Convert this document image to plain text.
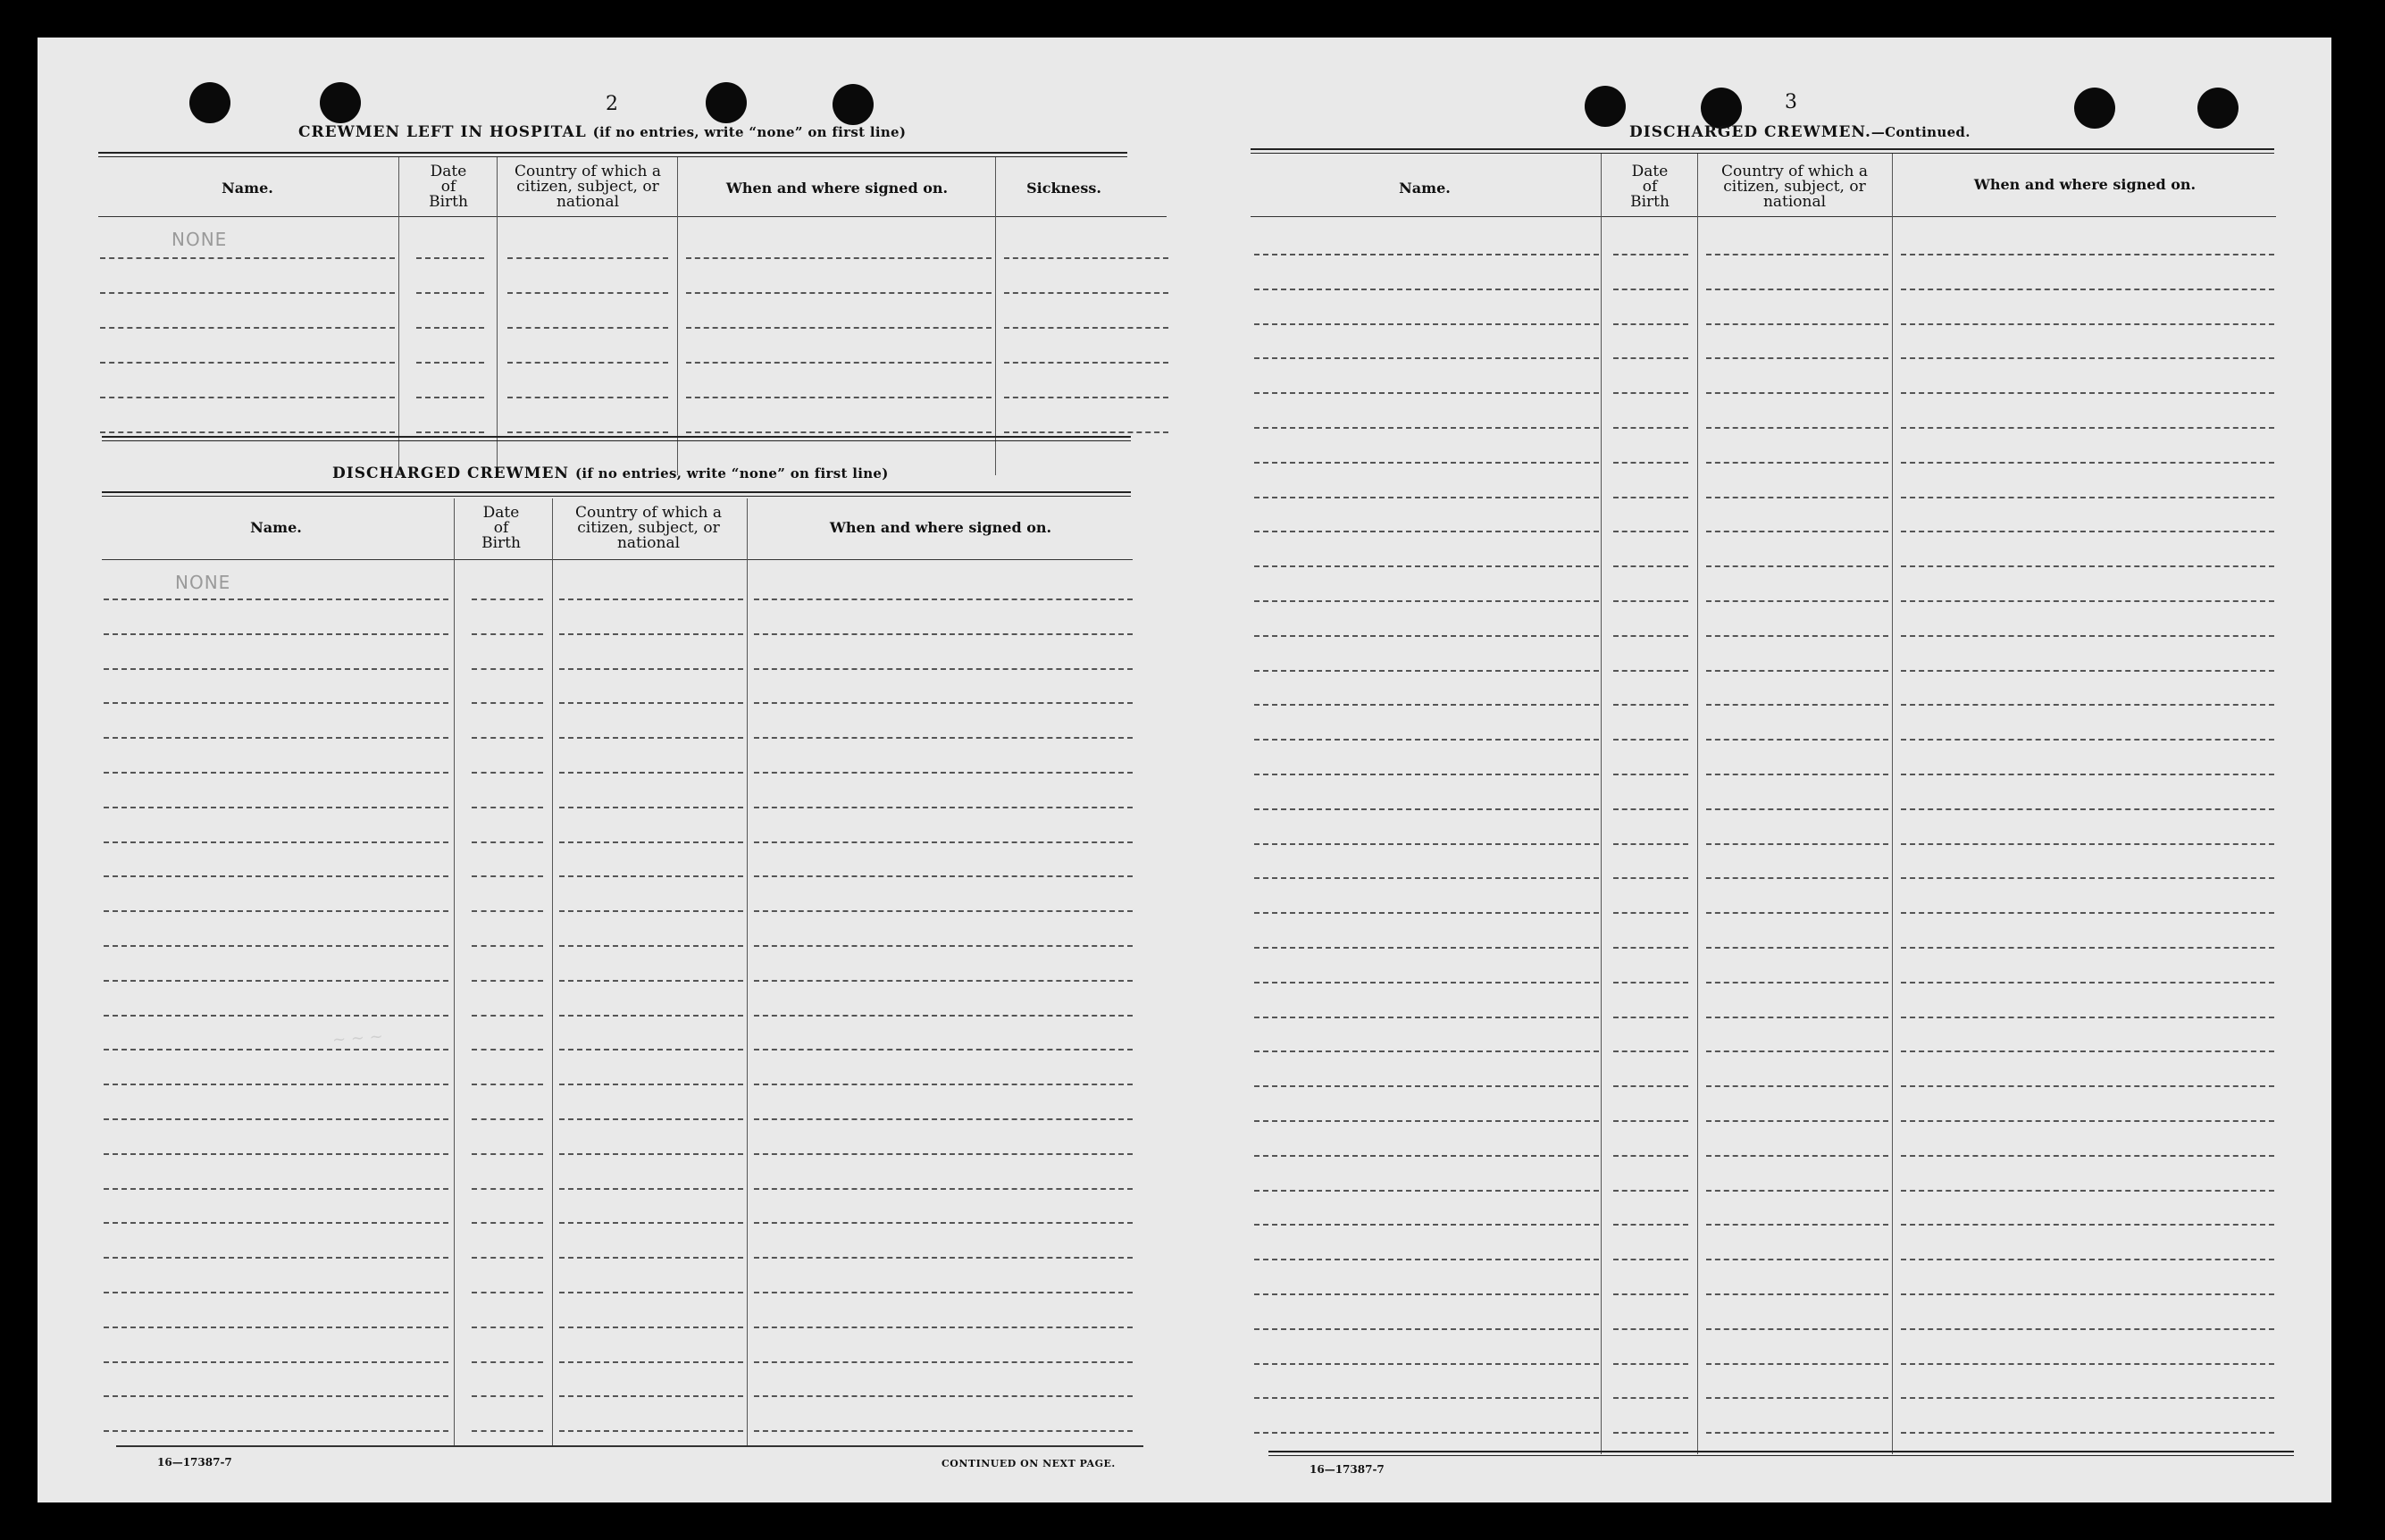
2
CREWMEN LEFT IN HOSPITAL (if no entries, write “none” on first line)
Name.
Date
of
Birth
Country of which a
citizen, subject, or
national
When and where signed on.	Sickness.
NONE
DISCHARGED CREWMEN (if no entries, write “none” on first line)
Name.
Date
of
Birth
Country of which a
citizen, subject, or
national
When and where signed on.
NONE
~ ~ ~
16—17387-7	CONTINUED ON NEXT PAGE.
3
DISCHARGED CREWMEN.—Continued.
Name.
Date
of
Birth
Country of which a
citizen, subject, or
national
When and where signed on.
16—17387-7
